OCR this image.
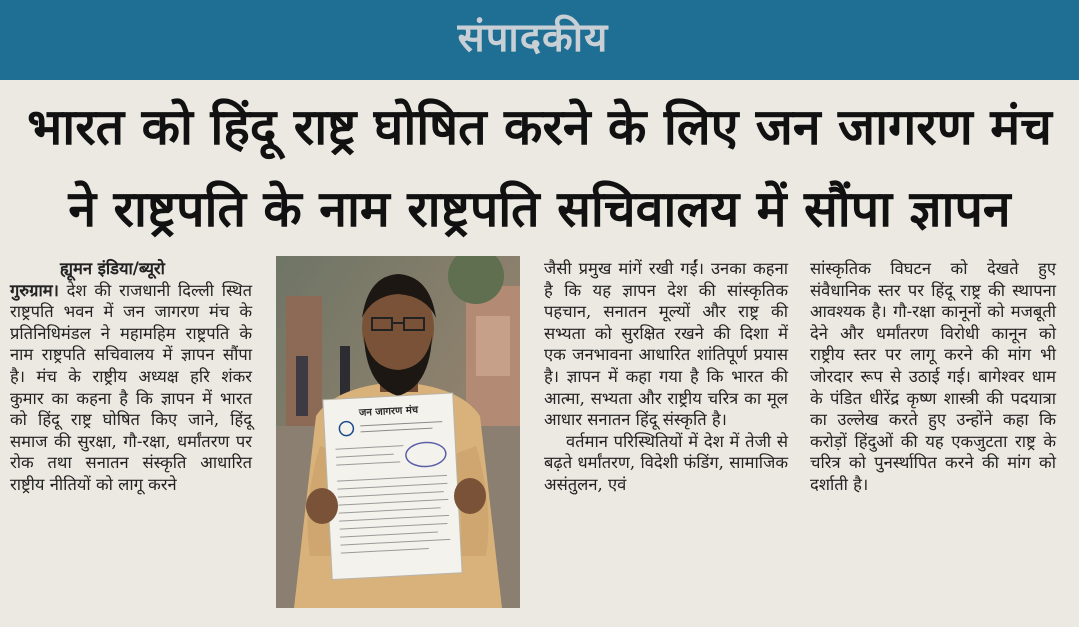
संपादकीय
भारत को हिंदू राष्ट्र घोषित करने के लिए जन जागरण मंच
ने राष्ट्रपति के नाम राष्ट्रपति सचिवालय में सौंपा ज्ञापन

ह्यूमन इंडिया/ब्यूरो

गुरुग्राम। देश की राजधानी दिल्ली स्थित राष्ट्रपति भवन में जन जागरण मंच के प्रतिनिधिमंडल ने महामहिम राष्ट्रपति के नाम राष्ट्रपति सचिवालय में ज्ञापन सौंपा है। मंच के राष्ट्रीय अध्यक्ष हरि शंकर कुमार का कहना है कि ज्ञापन में भारत को हिंदू राष्ट्र घोषित किए जाने, हिंदू समाज की सुरक्षा, गौ-रक्षा, धर्मांतरण पर रोक तथा सनातन संस्कृति आधारित राष्ट्रीय नीतियों को लागू करने

जन जागरण मंच

जैसी प्रमुख मांगें रखी गईं। उनका कहना है कि यह ज्ञापन देश की सांस्कृतिक पहचान, सनातन मूल्यों और राष्ट्र की सभ्यता को सुरक्षित रखने की दिशा में एक जनभावना आधारित शांतिपूर्ण प्रयास है। ज्ञापन में कहा गया है कि भारत की आत्मा, सभ्यता और राष्ट्रीय चरित्र का मूल आधार सनातन हिंदू संस्कृति है।

वर्तमान परिस्थितियों में देश में तेजी से बढ़ते धर्मांतरण, विदेशी फंडिंग, सामाजिक असंतुलन, एवं

सांस्कृतिक विघटन को देखते हुए संवैधानिक स्तर पर हिंदू राष्ट्र की स्थापना आवश्यक है। गौ-रक्षा कानूनों को मजबूती देने और धर्मांतरण विरोधी कानून को राष्ट्रीय स्तर पर लागू करने की मांग भी जोरदार रूप से उठाई गई। बागेश्वर धाम के पंडित धीरेंद्र कृष्ण शास्त्री की पदयात्रा का उल्लेख करते हुए उन्होंने कहा कि करोड़ों हिंदुओं की यह एकजुटता राष्ट्र के चरित्र को पुनर्स्थापित करने की मांग को दर्शाती है।
